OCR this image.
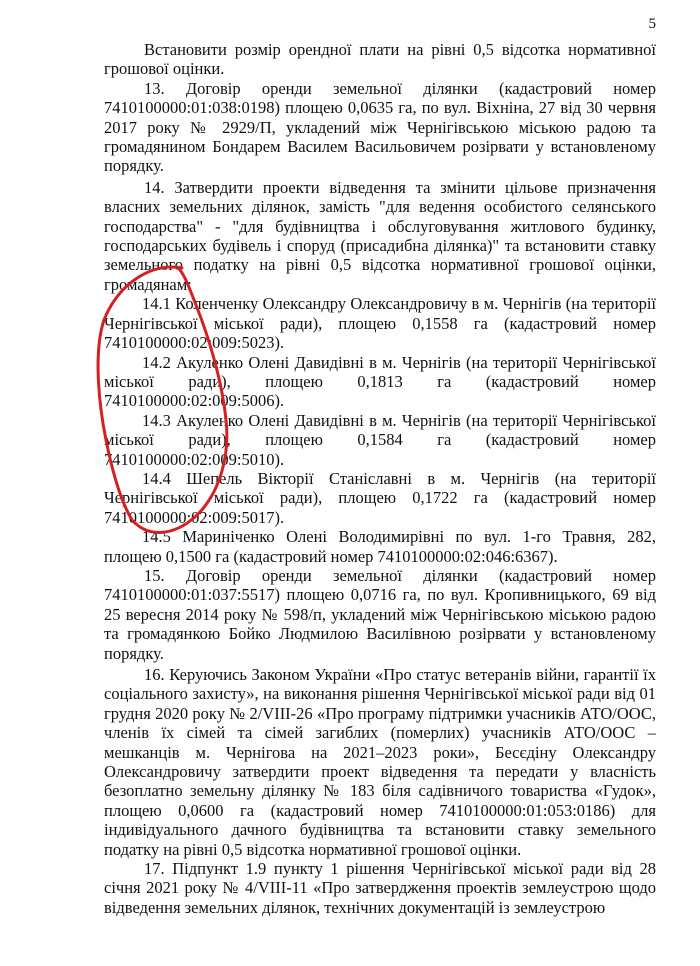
5

Встановити розмір орендної плати на рівні 0,5 відсотка нормативної грошової оцінки.

13. Договір оренди земельної ділянки (кадастровий номер 7410100000:01:038:0198) площею 0,0635 га, по вул. Віхніна, 27 від 30 червня 2017 року № 2929/П, укладений між Чернігівською міською радою та громадянином Бондарем Василем Васильовичем розірвати у встановленому порядку.

14. Затвердити проекти відведення та змінити цільове призначення власних земельних ділянок, замість "для ведення особистого селянського господарства" - "для будівництва і обслуговування житлового будинку, господарських будівель і споруд (присадибна ділянка)" та встановити ставку земельного податку на рівні 0,5 відсотка нормативної грошової оцінки, громадянам:

14.1 Коленченку Олександру Олександровичу в м. Чернігів (на території Чернігівської міської ради), площею 0,1558 га (кадастровий номер 7410100000:02:009:5023).

14.2 Акуленко Олені Давидівні в м. Чернігів (на території Чернігівської міської ради), площею 0,1813 га (кадастровий номер 7410100000:02:009:5006).

14.3 Акуленко Олені Давидівні в м. Чернігів (на території Чернігівської міської ради), площею 0,1584 га (кадастровий номер 7410100000:02:009:5010).

14.4 Шепель Вікторії Станіславні в м. Чернігів (на території Чернігівської міської ради), площею 0,1722 га (кадастровий номер 7410100000:02:009:5017).

14.5 Маринiченко Олені Володимирівні по вул. 1-го Травня, 282, площею 0,1500 га (кадастровий номер 7410100000:02:046:6367).

15. Договір оренди земельної ділянки (кадастровий номер 7410100000:01:037:5517) площею 0,0716 га, по вул. Кропивницького, 69 від 25 вересня 2014 року № 598/п, укладений між Чернігівською міською радою та громадянкою Бойко Людмилою Василівною розірвати у встановленому порядку.

16. Керуючись Законом України «Про статус ветеранів війни, гарантії їх соціального захисту», на виконання рішення Чернігівської міської ради від 01 грудня 2020 року № 2/VIII-26 «Про програму підтримки учасників АТО/ООС, членів їх сімей та сімей загиблих (померлих) учасників АТО/ООС – мешканців м. Чернігова на 2021–2023 роки», Бесєдіну Олександру Олександровичу затвердити проект відведення та передати у власність безоплатно земельну ділянку № 183 біля садівничого товариства «Гудок», площею 0,0600 га (кадастровий номер 7410100000:01:053:0186) для індивідуального дачного будівництва та встановити ставку земельного податку на рівні 0,5 відсотка нормативної грошової оцінки.

17. Підпункт 1.9 пункту 1 рішення Чернігівської міської ради від 28 січня 2021 року № 4/VIII-11 «Про затвердження проектів землеустрою щодо відведення земельних ділянок, технічних документацій із землеустрою
